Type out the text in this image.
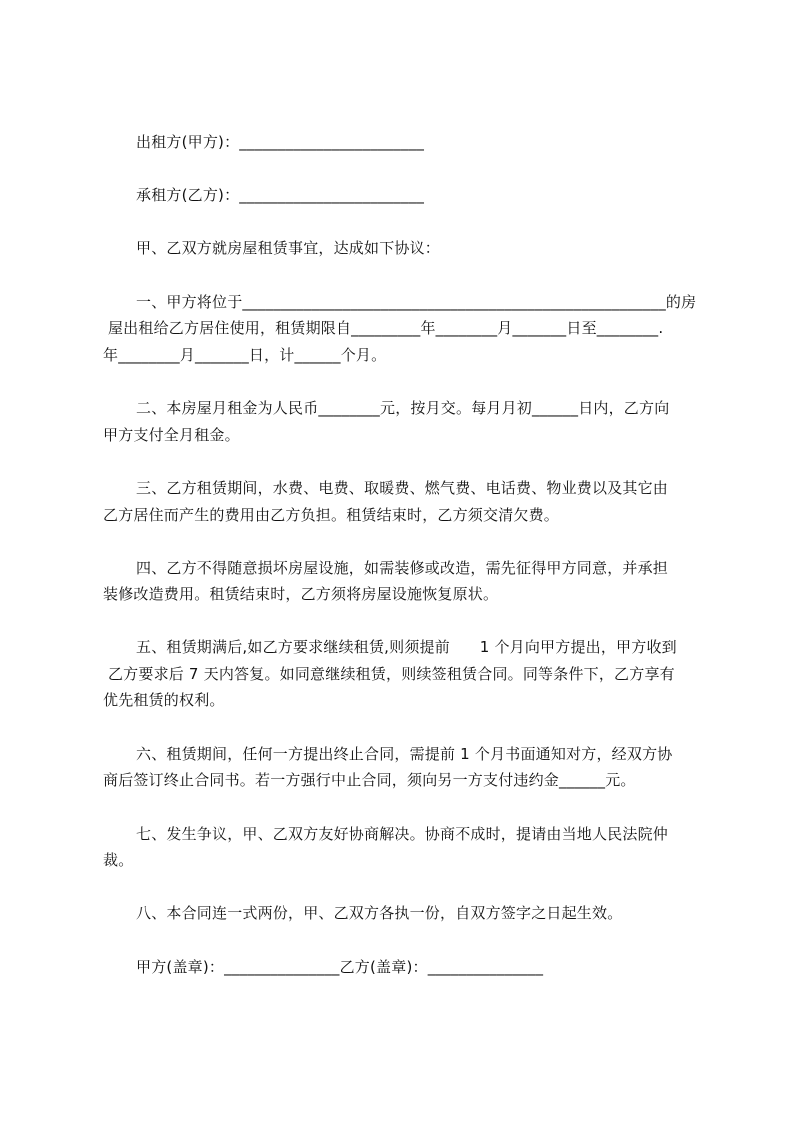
出租方(甲方)：________________________
承租方(乙方)：________________________
甲、乙双方就房屋租赁事宜，达成如下协议：
一、甲方将位于_______________________________________________________的房
屋出租给乙方居住使用，租赁期限自_________年________月_______日至________.
年________月_______日，计______个月。
二、本房屋月租金为人民币________元，按月交。每月月初______日内，乙方向
甲方支付全月租金。
三、乙方租赁期间，水费、电费、取暖费、燃气费、电话费、物业费以及其它由
乙方居住而产生的费用由乙方负担。租赁结束时，乙方须交清欠费。
四、乙方不得随意损坏房屋设施，如需装修或改造，需先征得甲方同意，并承担
装修改造费用。租赁结束时，乙方须将房屋设施恢复原状。
五、租赁期满后,如乙方要求继续租赁,则须提前      1 个月向甲方提出，甲方收到
乙方要求后 7 天内答复。如同意继续租赁，则续签租赁合同。同等条件下，乙方享有
优先租赁的权利。
六、租赁期间，任何一方提出终止合同，需提前 1 个月书面通知对方，经双方协
商后签订终止合同书。若一方强行中止合同，须向另一方支付违约金______元。
七、发生争议，甲、乙双方友好协商解决。协商不成时，提请由当地人民法院仲
裁。
八、本合同连一式两份，甲、乙双方各执一份，自双方签字之日起生效。
甲方(盖章)：_______________乙方(盖章)：_______________
